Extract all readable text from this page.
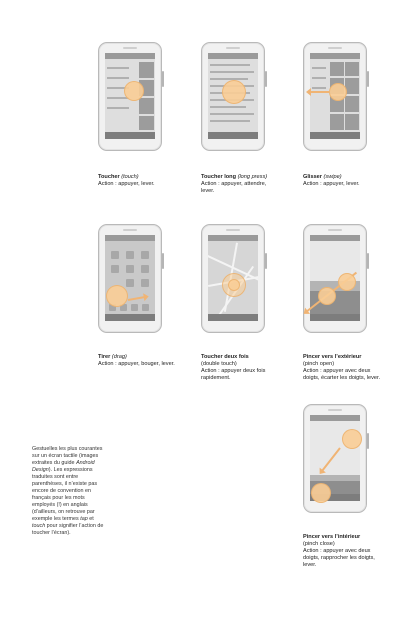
Toucher (touch)
Action : appuyer, lever.
Toucher long (long press)
Action : appuyer, attendre, lever.
Glisser (swipe)
Action : appuyer, lever.
Tirer (drag)
Action : appuyer, bouger, lever.
Toucher deux fois
(double touch)
Action : appuyer deux fois rapidement.
Pincer vers l’extérieur
(pinch open)
Action : appuyer avec deux doigts, écarter les doigts, lever.
Pincer vers l’intérieur
(pinch close)
Action : appuyer avec deux doigts, rapprocher les doigts, lever.
Gestuelles les plus courantes sur un écran tactile (images extraites du guide Android Design). Les expressions traduites sont entre parenthèses, il n’existe pas encore de convention en français pour les mots employés (!) en anglais (d’ailleurs, on retrouve par exemple les termes tap et touch pour signifier l’action de toucher l’écran).
